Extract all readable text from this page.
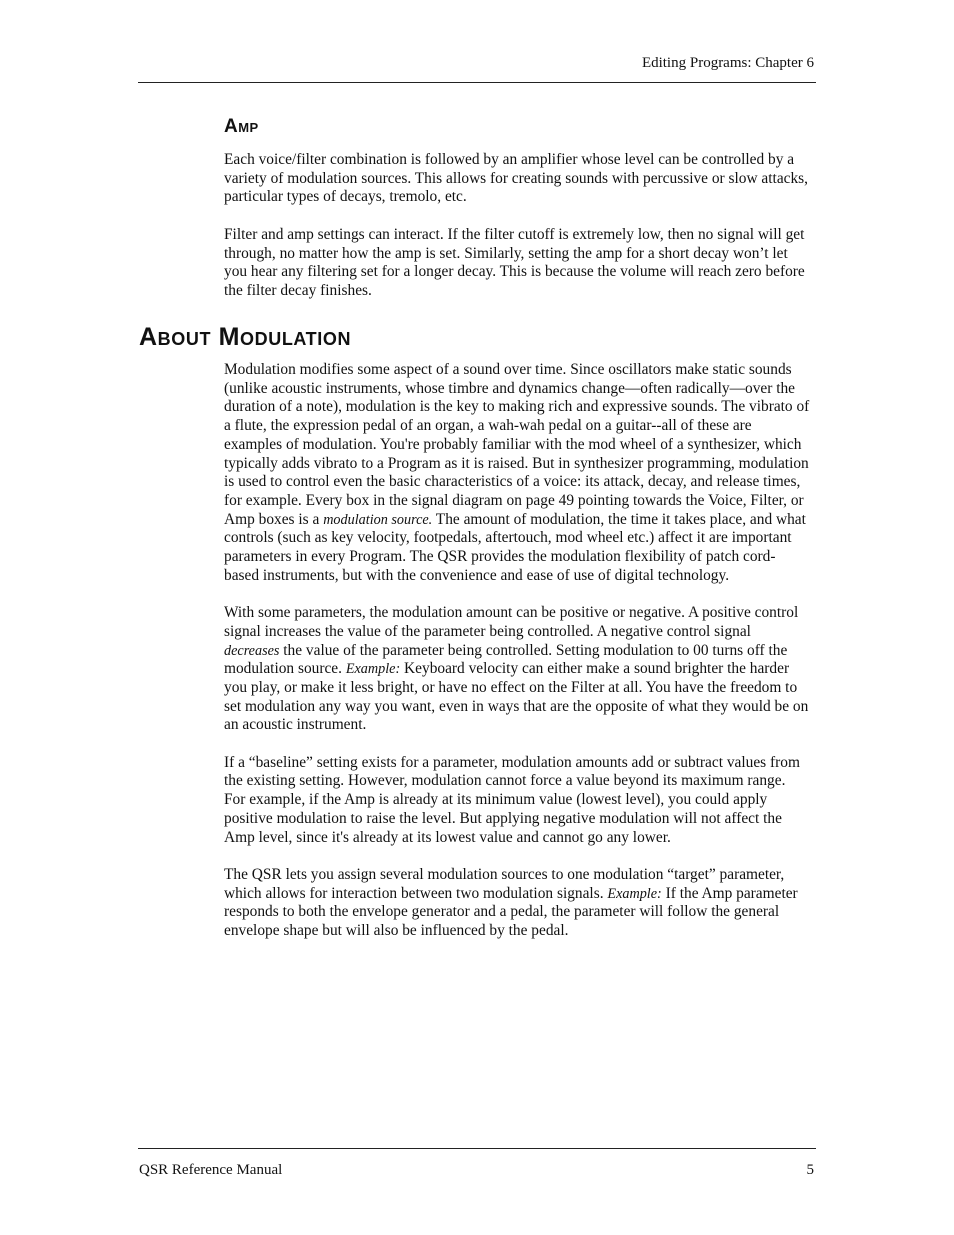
Editing Programs: Chapter 6
Amp

Each voice/filter combination is followed by an amplifier whose level can be controlled by a variety of modulation sources. This allows for creating sounds with percussive or slow attacks, particular types of decays, tremolo, etc.

Filter and amp settings can interact. If the filter cutoff is extremely low, then no signal will get through, no matter how the amp is set. Similarly, setting the amp for a short decay won’t let you hear any filtering set for a longer decay. This is because the volume will reach zero before the filter decay finishes.

About Modulation

Modulation modifies some aspect of a sound over time. Since oscillators make static sounds (unlike acoustic instruments, whose timbre and dynamics change—often radically—over the duration of a note), modulation is the key to making rich and expressive sounds. The vibrato of a flute, the expression pedal of an organ, a wah-wah pedal on a guitar--all of these are examples of modulation. You're probably familiar with the mod wheel of a synthesizer, which typically adds vibrato to a Program as it is raised. But in synthesizer programming, modulation is used to control even the basic characteristics of a voice: its attack, decay, and release times, for example. Every box in the signal diagram on page 49 pointing towards the Voice, Filter, or Amp boxes is a modulation source. The amount of modulation, the time it takes place, and what controls (such as key velocity, footpedals, aftertouch, mod wheel etc.) affect it are important parameters in every Program. The QSR provides the modulation flexibility of patch cord-based instruments, but with the convenience and ease of use of digital technology.

With some parameters, the modulation amount can be positive or negative. A positive control signal increases the value of the parameter being controlled. A negative control signal decreases the value of the parameter being controlled. Setting modulation to 00 turns off the modulation source. Example: Keyboard velocity can either make a sound brighter the harder you play, or make it less bright, or have no effect on the Filter at all. You have the freedom to set modulation any way you want, even in ways that are the opposite of what they would be on an acoustic instrument.

If a “baseline” setting exists for a parameter, modulation amounts add or subtract values from the existing setting. However, modulation cannot force a value beyond its maximum range. For example, if the Amp is already at its minimum value (lowest level), you could apply positive modulation to raise the level. But applying negative modulation will not affect the Amp level, since it's already at its lowest value and cannot go any lower.

The QSR lets you assign several modulation sources to one modulation “target” parameter, which allows for interaction between two modulation signals. Example: If the Amp parameter responds to both the envelope generator and a pedal, the parameter will follow the general envelope shape but will also be influenced by the pedal.

QSR Reference Manual	5
